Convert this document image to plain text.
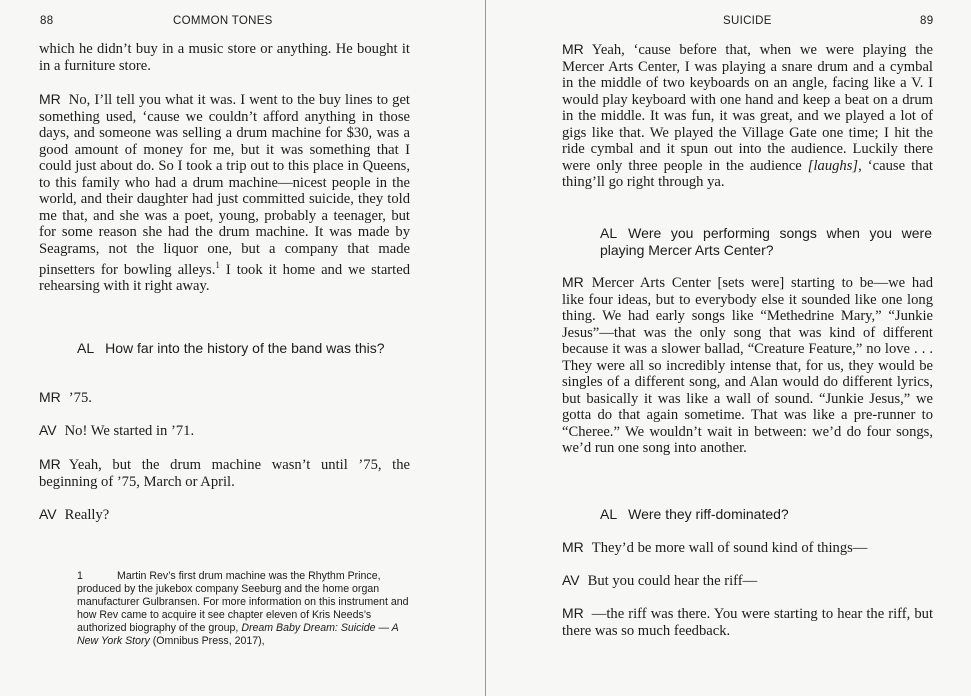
88	COMMON TONES
which he didn’t buy in a music store or anything. He bought it in a furniture store.
MR No, I’ll tell you what it was. I went to the buy lines to get something used, ‘cause we couldn’t afford anything in those days, and someone was selling a drum machine for $30, was a good amount of money for me, but it was something that I could just about do. So I took a trip out to this place in Queens, to this family who had a drum machine—nicest people in the world, and their daughter had just committed suicide, they told me that, and she was a poet, young, probably a teenager, but for some reason she had the drum machine. It was made by Seagrams, not the liquor one, but a company that made pinsetters for bowling alleys.$^1$ I took it home and we started rehearsing with it right away.
AL How far into the history of the band was this?
MR ’75.
AV No! We started in ’71.
MR Yeah, but the drum machine wasn’t until ’75, the beginning of ’75, March or April.
AV Really?
1	Martin Rev’s first drum machine was the Rhythm Prince, produced by the jukebox company Seeburg and the home organ manufacturer Gulbransen. For more information on this instrument and how Rev came to acquire it see chapter eleven of Kris Needs’s authorized biography of the group, Dream Baby Dream: Suicide — A New York Story (Omnibus Press, 2017),
SUICIDE	89
MR Yeah, ‘cause before that, when we were playing the Mercer Arts Center, I was playing a snare drum and a cymbal in the middle of two keyboards on an angle, facing like a V. I would play keyboard with one hand and keep a beat on a drum in the middle. It was fun, it was great, and we played a lot of gigs like that. We played the Village Gate one time; I hit the ride cymbal and it spun out into the audience. Luckily there were only three people in the audience [laughs], ‘cause that thing’ll go right through ya.
AL Were you performing songs when you were playing Mercer Arts Center?
MR Mercer Arts Center [sets were] starting to be—we had like four ideas, but to everybody else it sounded like one long thing. We had early songs like “Methedrine Mary,” “Junkie Jesus”—that was the only song that was kind of different because it was a slower ballad, “Creature Feature,” no love . . . They were all so incredibly intense that, for us, they would be singles of a different song, and Alan would do different lyrics, but basically it was like a wall of sound. “Junkie Jesus,” we gotta do that again sometime. That was like a pre-runner to “Cheree.” We wouldn’t wait in between: we’d do four songs, we’d run one song into another.
AL Were they riff-dominated?
MR They’d be more wall of sound kind of things—
AV But you could hear the riff—
MR —the riff was there. You were starting to hear the riff, but there was so much feedback.
